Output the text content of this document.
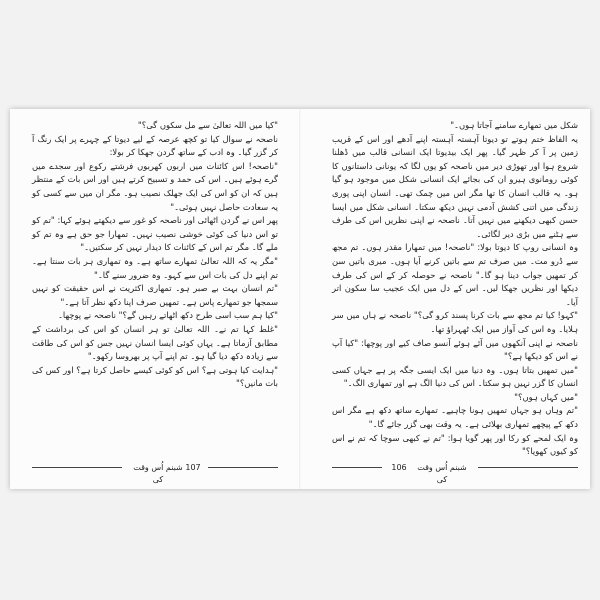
"کیا میں اللہ تعالیٰ سے مل سکوں گی؟"

ناصحہ نے سوال کیا تو کچھ عرصہ کے لیے دیوتا کے چہرے پر ایک رنگ آ کر گزر گیا۔ وہ ادب کے ساتھ گردن جھکا کر بولا:

"ناصحہ! اس کائنات میں اربوں کھربوں فرشتے رکوع اور سجدے میں گرے ہوئے ہیں۔ اس کی حمد و تسبیح کرتے ہیں اور اس بات کے منتظر ہیں کہ ان کو اس کی ایک جھلک نصیب ہو۔ مگر ان میں سے کسی کو یہ سعادت حاصل نہیں ہوئی۔"

پھر اس نے گردن اٹھائی اور ناصحہ کو غور سے دیکھتے ہوئے کہا: "تم کو تو اس دنیا کی کوئی خوشی نصیب نہیں۔ تمھارا جو حق ہے وہ تم کو ملے گا۔ مگر تم اس کے کائنات کا دیدار نہیں کر سکتیں۔"

"مگر یہ کہ اللہ تعالیٰ تمھارے ساتھ ہے۔ وہ تمھاری ہر بات سنتا ہے۔ تم اپنے دل کی بات اس سے کہو۔ وہ ضرور سنے گا۔"

"تم انسان بہت بے صبر ہو۔ تمھاری اکثریت نے اس حقیقت کو نہیں سمجھا جو تمھارے پاس ہے۔ تمھیں صرف اپنا دکھ نظر آتا ہے۔"

"کیا ہم سب اسی طرح دکھ اٹھاتے رہیں گے؟" ناصحہ نے پوچھا۔

"غلط کہا تم نے۔ اللہ تعالیٰ تو ہر انسان کو اس کی برداشت کے مطابق آزماتا ہے۔ یہاں کوئی ایسا انسان نہیں جس کو اس کی طاقت سے زیادہ دکھ دیا گیا ہو۔ تم اپنے آپ پر بھروسا رکھو۔"

"ہدایت کیا ہوتی ہے؟ اس کو کوئی کیسے حاصل کرتا ہے؟ اور کس کی بات مانیں؟"

شبنم اُس وقت کی
107

شکل میں تمھارے سامنے آجاتا ہوں۔"

یہ الفاظ ختم ہوتے تو دیوتا آہستہ آہستہ اپنے آدھے اور اس کے قریب زمین پر آ کر ظہر گیا۔ پھر ایک بیدیوتا ایک انسانی قالب میں ڈھلنا شروع ہوا اور تھوڑی دیر میں ناصحہ کو یوں لگا کہ یونانی داستانوں کا کوئی رومانوی ہیرو ان کی بجائے ایک انسانی شکل میں موجود ہو گیا ہو۔ یہ قالب انسان کا تھا مگر اس میں چمک تھی۔ انسان اپنی پوری زندگی میں اتنی کشش آدمی نہیں دیکھ سکتا۔ انسانی شکل میں ایسا حسن کبھی دیکھنے میں نہیں آتا۔ ناصحہ نے اپنی نظریں اس کی طرف سے ہٹنے میں بڑی دیر لگائی۔

وہ انسانی روپ کا دیوتا بولا: "ناصحہ! میں تمھارا مقدر ہوں۔ تم مجھ سے ڈرو مت۔ میں صرف تم سے باتیں کرنے آیا ہوں۔ میری باتیں سن کر تمھیں جواب دینا ہو گا۔" ناصحہ نے حوصلہ کر کے اس کی طرف دیکھا اور نظریں جھکا لیں۔ اس کے دل میں ایک عجیب سا سکون اتر آیا۔

"کہو! کیا تم مجھ سے بات کرنا پسند کرو گی؟" ناصحہ نے ہاں میں سر ہلایا۔ وہ اس کی آواز میں ایک ٹھہراؤ تھا۔

ناصحہ نے اپنی آنکھوں میں آئے ہوئے آنسو صاف کیے اور پوچھا: "کیا آپ نے اس کو دیکھا ہے؟"

"میں تمھیں بتاتا ہوں۔ وہ دنیا میں ایک ایسی جگہ پر ہے جہاں کسی انسان کا گزر نہیں ہو سکتا۔ اس کی دنیا الگ ہے اور تمھاری الگ۔"

"میں کہاں ہوں؟"

"تم وہاں ہو جہاں تمھیں ہونا چاہیے۔ تمھارے ساتھ دکھ ہے مگر اس دکھ کے پیچھے تمھاری بھلائی ہے۔ یہ وقت بھی گزر جائے گا۔"

وہ ایک لمحے کو رکا اور پھر گویا ہوا: "تم نے کبھی سوچا کہ تم نے اس کو کیوں کھویا؟"

106	شبنم اُس وقت کی
